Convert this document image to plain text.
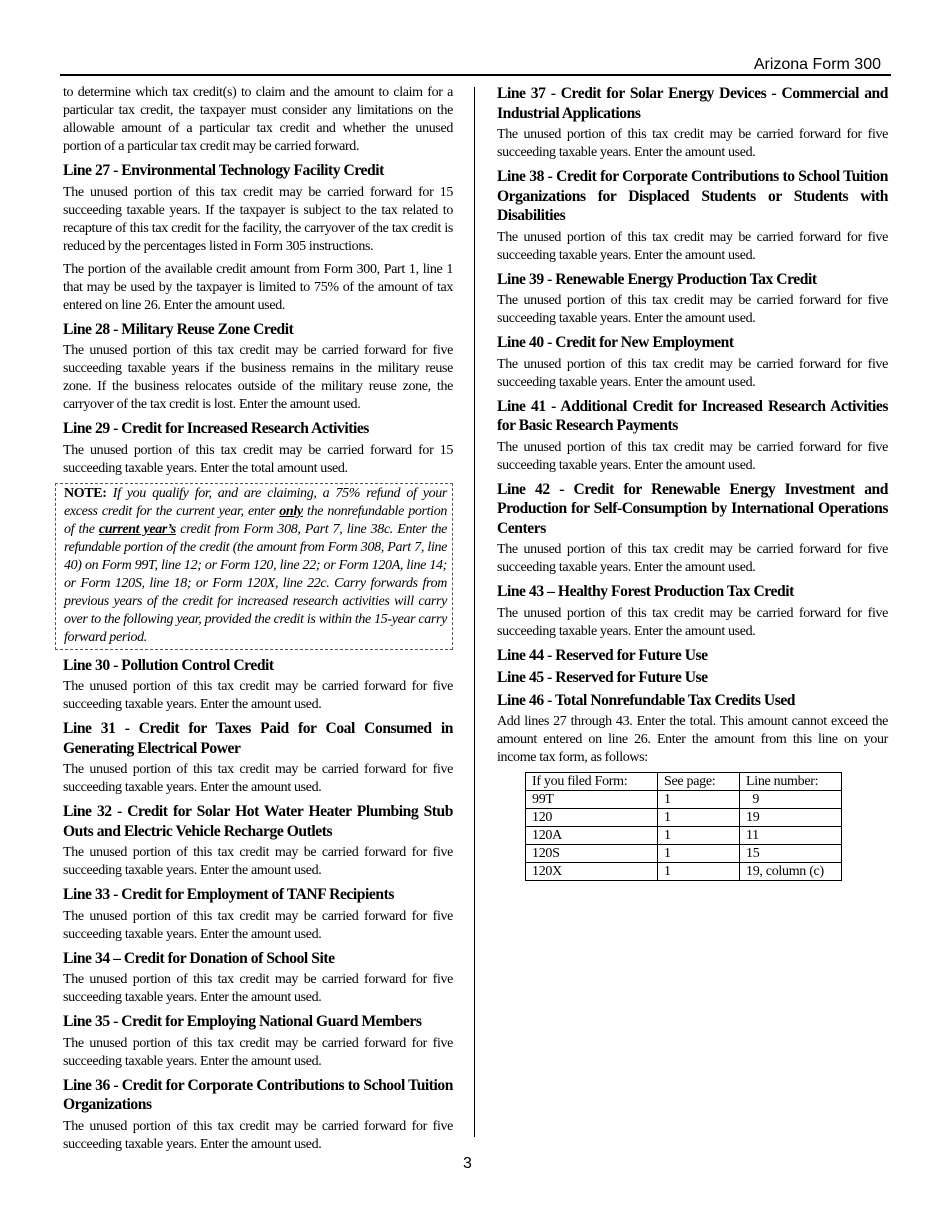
Arizona Form 300

to determine which tax credit(s) to claim and the amount to claim for a particular tax credit, the taxpayer must consider any limitations on the allowable amount of a particular tax credit and whether the unused portion of a particular tax credit may be carried forward.

Line 27 - Environmental Technology Facility Credit

The unused portion of this tax credit may be carried forward for 15 succeeding taxable years. If the taxpayer is subject to the tax related to recapture of this tax credit for the facility, the carryover of the tax credit is reduced by the percentages listed in Form 305 instructions.

The portion of the available credit amount from Form 300, Part 1, line 1 that may be used by the taxpayer is limited to 75% of the amount of tax entered on line 26. Enter the amount used.

Line 28 - Military Reuse Zone Credit

The unused portion of this tax credit may be carried forward for five succeeding taxable years if the business remains in the military reuse zone. If the business relocates outside of the military reuse zone, the carryover of the tax credit is lost. Enter the amount used.

Line 29 - Credit for Increased Research Activities

The unused portion of this tax credit may be carried forward for 15 succeeding taxable years. Enter the total amount used.

NOTE: If you qualify for, and are claiming, a 75% refund of your excess credit for the current year, enter only the nonrefundable portion of the current year’s credit from Form 308, Part 7, line 38c. Enter the refundable portion of the credit (the amount from Form 308, Part 7, line 40) on Form 99T, line 12; or Form 120, line 22; or Form 120A, line 14; or Form 120S, line 18; or Form 120X, line 22c. Carry forwards from previous years of the credit for increased research activities will carry over to the following year, provided the credit is within the 15-year carry forward period.

Line 30 - Pollution Control Credit

The unused portion of this tax credit may be carried forward for five succeeding taxable years. Enter the amount used.

Line 31 - Credit for Taxes Paid for Coal Consumed in Generating Electrical Power

The unused portion of this tax credit may be carried forward for five succeeding taxable years. Enter the amount used.

Line 32 - Credit for Solar Hot Water Heater Plumbing Stub Outs and Electric Vehicle Recharge Outlets

The unused portion of this tax credit may be carried forward for five succeeding taxable years. Enter the amount used.

Line 33 - Credit for Employment of TANF Recipients

The unused portion of this tax credit may be carried forward for five succeeding taxable years. Enter the amount used.

Line 34 – Credit for Donation of School Site

The unused portion of this tax credit may be carried forward for five succeeding taxable years. Enter the amount used.

Line 35 - Credit for Employing National Guard Members

The unused portion of this tax credit may be carried forward for five succeeding taxable years. Enter the amount used.

Line 36 - Credit for Corporate Contributions to School Tuition Organizations

The unused portion of this tax credit may be carried forward for five succeeding taxable years. Enter the amount used.

Line 37 - Credit for Solar Energy Devices - Commercial and Industrial Applications

The unused portion of this tax credit may be carried forward for five succeeding taxable years. Enter the amount used.

Line 38 - Credit for Corporate Contributions to School Tuition Organizations for Displaced Students or Students with Disabilities

The unused portion of this tax credit may be carried forward for five succeeding taxable years. Enter the amount used.

Line 39 - Renewable Energy Production Tax Credit

The unused portion of this tax credit may be carried forward for five succeeding taxable years. Enter the amount used.

Line 40 - Credit for New Employment

The unused portion of this tax credit may be carried forward for five succeeding taxable years. Enter the amount used.

Line 41 - Additional Credit for Increased Research Activities for Basic Research Payments

The unused portion of this tax credit may be carried forward for five succeeding taxable years. Enter the amount used.

Line 42 - Credit for Renewable Energy Investment and Production for Self-Consumption by International Operations Centers

The unused portion of this tax credit may be carried forward for five succeeding taxable years. Enter the amount used.

Line 43 – Healthy Forest Production Tax Credit

The unused portion of this tax credit may be carried forward for five succeeding taxable years. Enter the amount used.

Line 44 - Reserved for Future Use
Line 45 - Reserved for Future Use
Line 46 - Total Nonrefundable Tax Credits Used

Add lines 27 through 43. Enter the total. This amount cannot exceed the amount entered on line 26. Enter the amount from this line on your income tax form, as follows:

If you filed Form:	See page:	Line number:
99T	1	9
120	1	19
120A	1	11
120S	1	15
120X	1	19, column (c)
3
